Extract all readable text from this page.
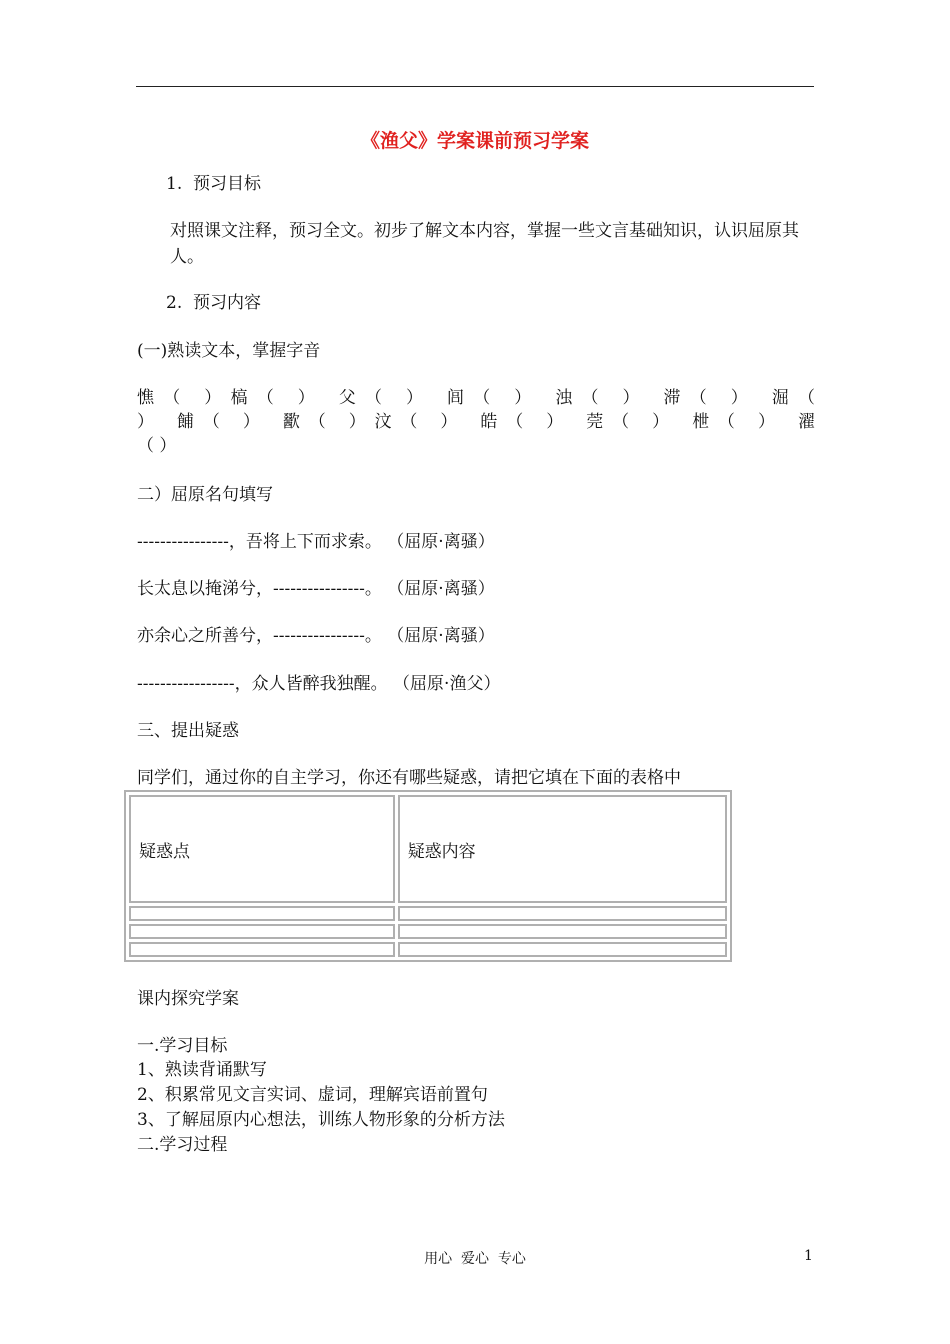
《渔父》学案课前预习学案

1.  预习目标

对照课文注释，预习全文。初步了解文本内容，掌握一些文言基础知识，认识屈原其人。

2.  预习内容

(一)熟读文本，掌握字音

憔（ ）槁（ ） 父（ ） 闾（ ） 浊（ ） 滞（ ） 淈（

） 餔（ ） 歠（ ）汶（ ） 皓（ ） 莞（ ） 枻（ ） 濯

（ ）

二）屈原名句填写

----------------，吾将上下而求索。 （屈原·离骚）

长太息以掩涕兮，----------------。 （屈原·离骚）

亦余心之所善兮，----------------。 （屈原·离骚）

-----------------，众人皆醉我独醒。 （屈原·渔父）

三、提出疑惑

同学们，通过你的自主学习，你还有哪些疑惑，请把它填在下面的表格中

疑惑点	疑惑内容

课内探究学案

一.学习目标

1、熟读背诵默写

2、积累常见文言实词、虚词，理解宾语前置句

3、了解屈原内心想法，训练人物形象的分析方法

二.学习过程

用心  爱心  专心	1
